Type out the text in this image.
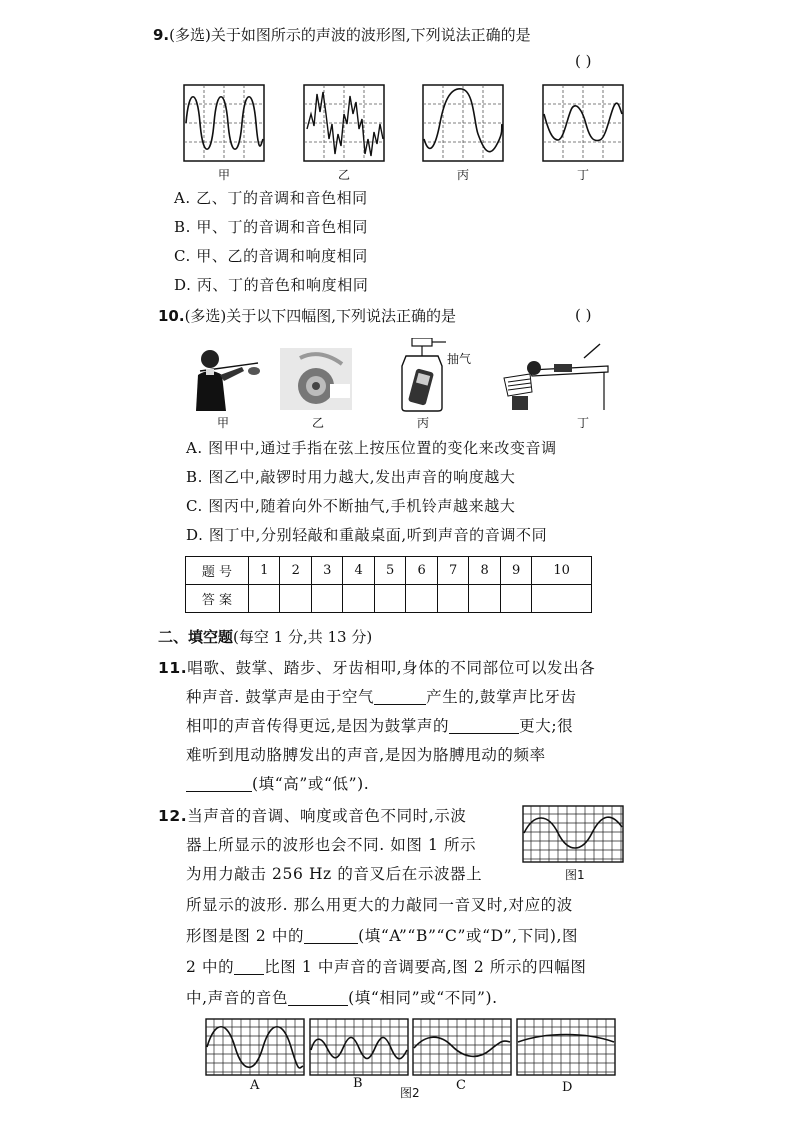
9.(多选)关于如图所示的声波的波形图,下列说法正确的是
( )
甲	乙	丙	丁
A. 乙、丁的音调和音色相同
B. 甲、丁的音调和音色相同
C. 甲、乙的音调和响度相同
D. 丙、丁的音色和响度相同
10.(多选)关于以下四幅图,下列说法正确的是	( )
甲	乙
抽气
丙	丁
A. 图甲中,通过手指在弦上按压位置的变化来改变音调
B. 图乙中,敲锣时用力越大,发出声音的响度越大
C. 图丙中,随着向外不断抽气,手机铃声越来越大
D. 图丁中,分别轻敲和重敲桌面,听到声音的音调不同
题 号	1	2	3	4	5	6	7	8	9	10
答 案										
二、填空题(每空 1 分,共 13 分)
11.唱歌、鼓掌、踏步、牙齿相叩,身体的不同部位可以发出各
种声音. 鼓掌声是由于空气	产生的,鼓掌声比牙齿
相叩的声音传得更远,是因为鼓掌声的	更大;很
难听到甩动胳膊发出的声音,是因为胳膊甩动的频率
(填“高”或“低”).
12.当声音的音调、响度或音色不同时,示波
器上所显示的波形也会不同. 如图 1 所示
为用力敲击 256 Hz 的音叉后在示波器上
所显示的波形. 那么用更大的力敲同一音叉时,对应的波
形图是图 2 中的	(填“A”“B”“C”或“D”,下同),图
2 中的 比图 1 中声音的音调要高,图 2 所示的四幅图
中,声音的音色	(填“相同”或“不同”).
图1
A	B
图2	C	D
